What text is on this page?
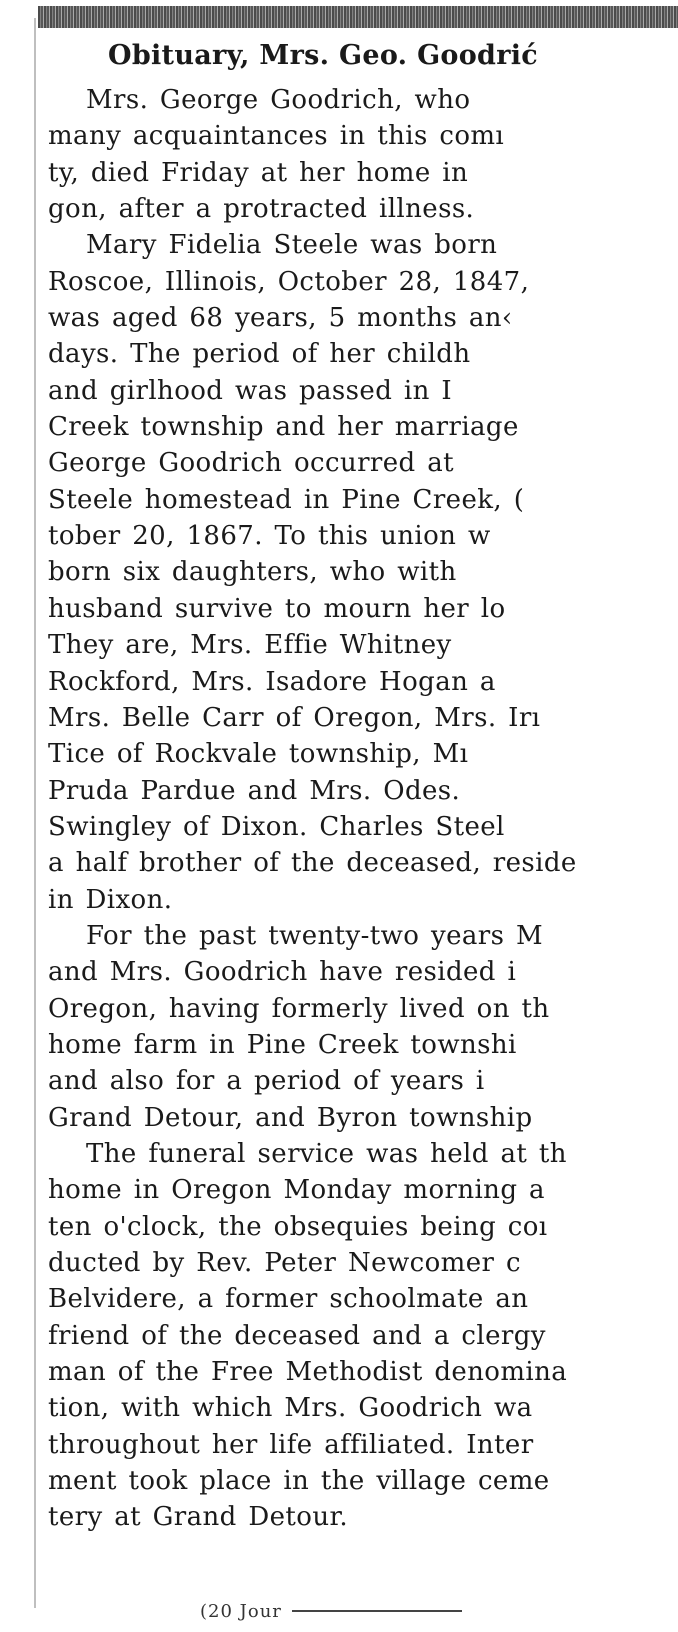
Obituary, Mrs. Geo. Goodrić
Mrs. George Goodrich, who
many acquaintances in this comı
ty, died Friday at her home in
gon, after a protracted illness.
Mary Fidelia Steele was born
Roscoe, Illinois, October 28, 1847,
was aged 68 years, 5 months an‹
days. The period of her childh
and girlhood was passed in I
Creek township and her marriage
George Goodrich occurred at
Steele homestead in Pine Creek, (
tober 20, 1867. To this union w
born six daughters, who with
husband survive to mourn her lo
They are, Mrs. Effie Whitney
Rockford, Mrs. Isadore Hogan a
Mrs. Belle Carr of Oregon, Mrs. Irı
Tice of Rockvale township, Mı
Pruda Pardue and Mrs. Odes.
Swingley of Dixon. Charles Steel
a half brother of the deceased, reside
in Dixon.
For the past twenty-two years M
and Mrs. Goodrich have resided i
Oregon, having formerly lived on th
home farm in Pine Creek townshi
and also for a period of years i
Grand Detour, and Byron township
The funeral service was held at th
home in Oregon Monday morning a
ten o'clock, the obsequies being coı
ducted by Rev. Peter Newcomer c
Belvidere, a former schoolmate an
friend of the deceased and a clergy
man of the Free Methodist denomina
tion, with which Mrs. Goodrich wa
throughout her life affiliated. Inter
ment took place in the village ceme
tery at Grand Detour.
(20 Jour
